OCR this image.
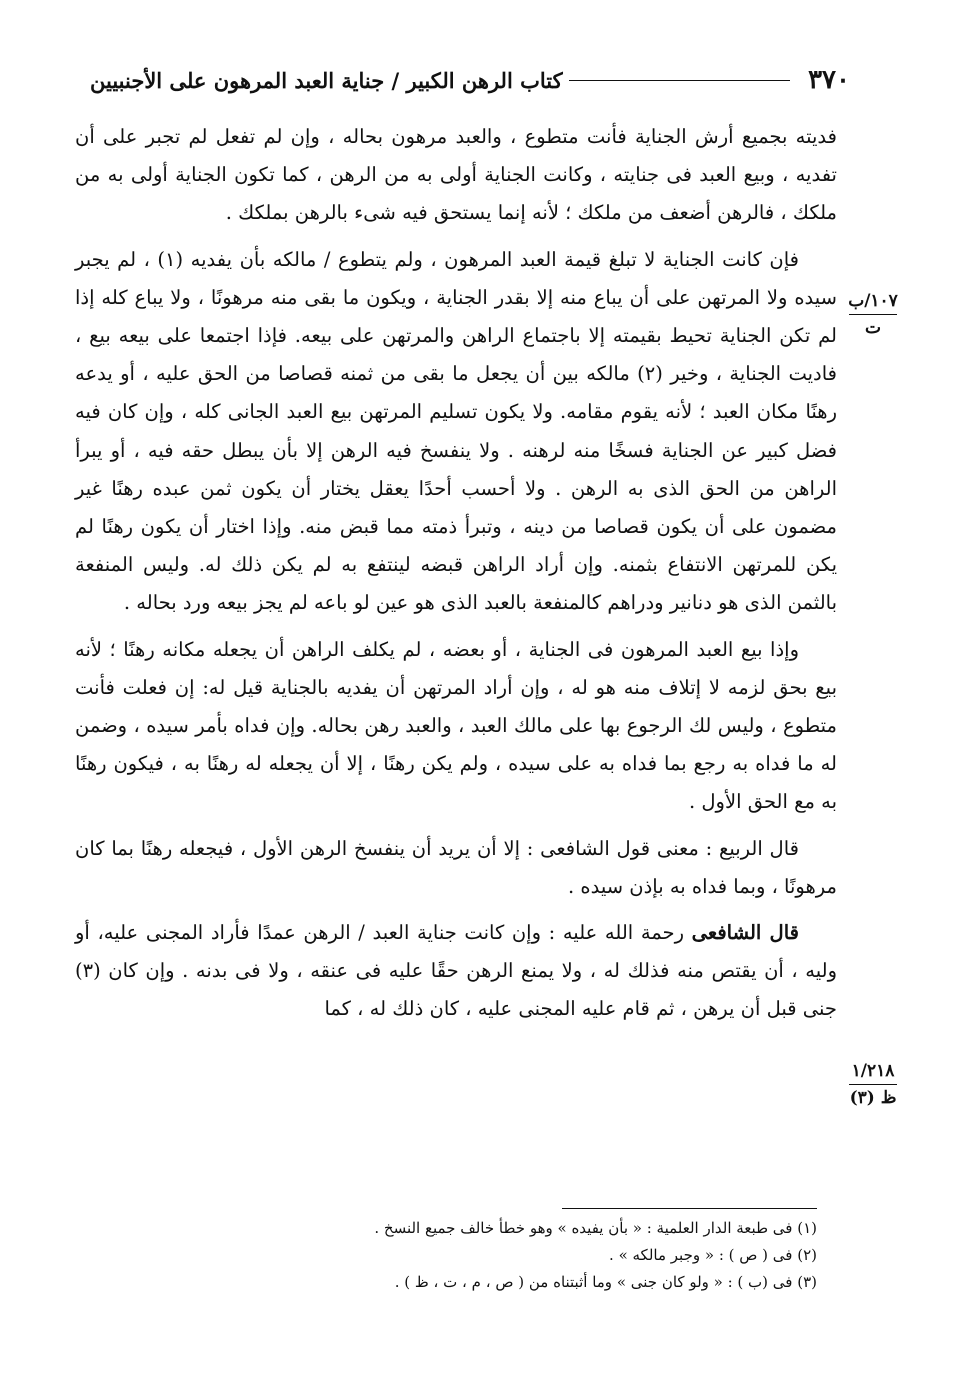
٣٧٠
كتاب الرهن الكبير / جناية العبد المرهون على الأجنبيين
١٠٧/ب
ت
١/٢١٨
ظ (٣)

فديته بجميع أرش الجناية فأنت متطوع ، والعبد مرهون بحاله ، وإن لم تفعل لم تجبر على أن تفديه ، وبيع العبد فى جنايته ، وكانت الجناية أولى به من الرهن ، كما تكون الجناية أولى به من ملكك ، فالرهن أضعف من ملكك ؛ لأنه إنما يستحق فيه شىء بالرهن بملكك .

فإن كانت الجناية لا تبلغ قيمة العبد المرهون ، ولم يتطوع / مالكه بأن يفديه (١) ، لم يجبر سيده ولا المرتهن على أن يباع منه إلا بقدر الجناية ، ويكون ما بقى منه مرهونًا ، ولا يباع كله إذا لم تكن الجناية تحيط بقيمته إلا باجتماع الراهن والمرتهن على بيعه. فإذا اجتمعا على بيعه بيع ، فاديت الجناية ، وخير (٢) مالكه بين أن يجعل ما بقى من ثمنه قصاصا من الحق عليه ، أو يدعه رهنًا مكان العبد ؛ لأنه يقوم مقامه. ولا يكون تسليم المرتهن بيع العبد الجانى كله ، وإن كان فيه فضل كبير عن الجناية فسخًا منه لرهنه . ولا ينفسخ فيه الرهن إلا بأن يبطل حقه فيه ، أو يبرأ الراهن من الحق الذى به الرهن . ولا أحسب أحدًا يعقل يختار أن يكون ثمن عبده رهنًا غير مضمون على أن يكون قصاصا من دينه ، وتبرأ ذمته مما قبض منه. وإذا اختار أن يكون رهنًا لم يكن للمرتهن الانتفاع بثمنه. وإن أراد الراهن قبضه لينتفع به لم يكن ذلك له. وليس المنفعة بالثمن الذى هو دنانير ودراهم كالمنفعة بالعبد الذى هو عين لو باعه لم يجز بيعه ورد بحاله .

وإذا بيع العبد المرهون فى الجناية ، أو بعضه ، لم يكلف الراهن أن يجعله مكانه رهنًا ؛ لأنه بيع بحق لزمه لا إتلاف منه هو له ، وإن أراد المرتهن أن يفديه بالجناية قيل له: إن فعلت فأنت متطوع ، وليس لك الرجوع بها على مالك العبد ، والعبد رهن بحاله. وإن فداه بأمر سيده ، وضمن له ما فداه به رجع بما فداه به على سيده ، ولم يكن رهنًا ، إلا أن يجعله له رهنًا به ، فيكون رهنًا به مع الحق الأول .

قال الربيع : معنى قول الشافعى : إلا أن يريد أن ينفسخ الرهن الأول ، فيجعله رهنًا بما كان مرهونًا ، وبما فداه به بإذن سيده .

قال الشافعى رحمة الله عليه : وإن كانت جناية العبد / الرهن عمدًا فأراد المجنى عليه، أو وليه ، أن يقتص منه فذلك له ، ولا يمنع الرهن حقًا عليه فى عنقه ، ولا فى بدنه . وإن كان (٣) جنى قبل أن يرهن ، ثم قام عليه المجنى عليه ، كان ذلك له ، كما

(١) فى طبعة الدار العلمية : « بأن يفيده » وهو خطأ خالف جميع النسخ .
(٢) فى ( ص ) : « وجبر مالكه » .
(٣) فى (ب ) : « ولو كان جنى » وما أثبتناه من ( ص ، م ، ت ، ظ ) .
